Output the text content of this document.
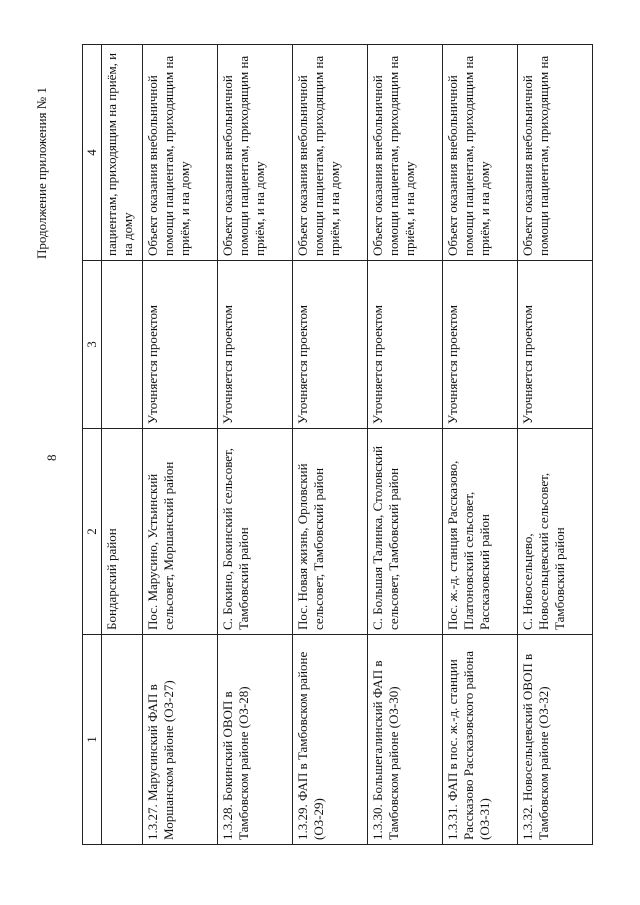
8
Продолжение приложения № 1
1	2	3	4
	Бондарский район		пациентам, приходящим на приём, и на дому
1.3.27. Марусинский ФАП в Моршанском районе (ОЗ-27)	Пос. Марусино, Устьинский сельсовет, Моршанский район	Уточняется проектом	Объект оказания внебольничной помощи пациентам, приходящим на приём, и на дому
1.3.28. Бокинский ОВОП в Тамбовском районе (ОЗ-28)	С. Бокино, Бокинский сельсовет, Тамбовский район	Уточняется проектом	Объект оказания внебольничной помощи пациентам, приходящим на приём, и на дому
1.3.29. ФАП в Тамбовском районе (ОЗ-29)	Пос. Новая жизнь, Орловский сельсовет, Тамбовский район	Уточняется проектом	Объект оказания внебольничной помощи пациентам, приходящим на приём, и на дому
1.3.30. Большегалинский ФАП в Тамбовском районе (ОЗ-30)	С. Большая Талинка, Столовский сельсовет, Тамбовский район	Уточняется проектом	Объект оказания внебольничной помощи пациентам, приходящим на приём, и на дому
1.3.31. ФАП в пос. ж.-д. станции Рассказово Рассказовского района (ОЗ-31)	Пос. ж.-д. станция Рассказово, Платоновский сельсовет, Рассказовский район	Уточняется проектом	Объект оказания внебольничной помощи пациентам, приходящим на приём, и на дому
1.3.32. Новосельцевский ОВОП в Тамбовском районе (ОЗ-32)	С. Новосельцево, Новосельцевский сельсовет, Тамбовский район	Уточняется проектом	Объект оказания внебольничной помощи пациентам, приходящим на
